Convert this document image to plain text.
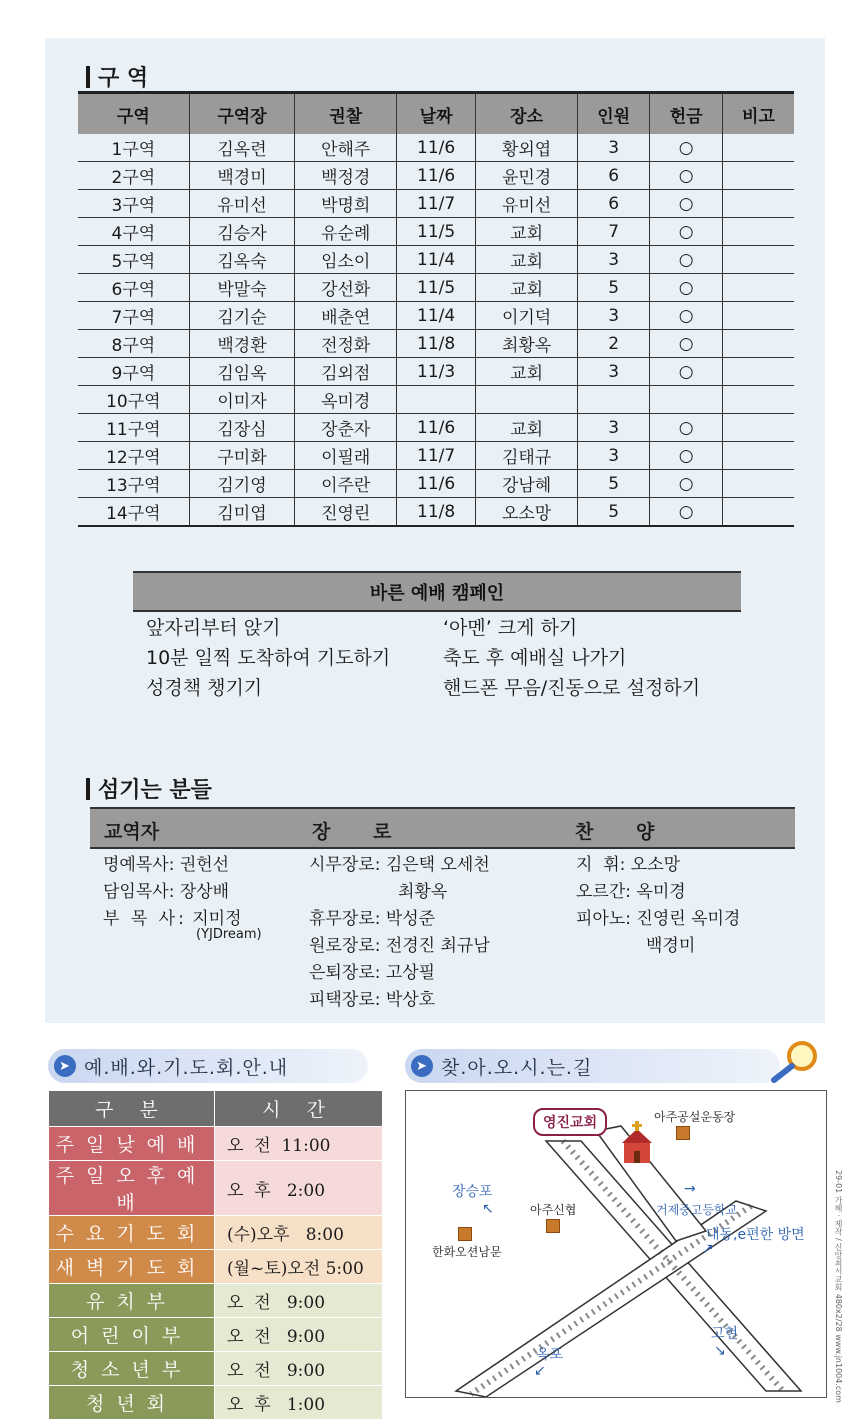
구 역
구역	구역장	권찰	날짜	장소	인원	헌금	비고
1구역	김옥련	안해주	11/6	황외엽	3	○	
2구역	백경미	백정경	11/6	윤민경	6	○	
3구역	유미선	박명희	11/7	유미선	6	○	
4구역	김승자	유순례	11/5	교회	7	○	
5구역	김옥숙	임소이	11/4	교회	3	○	
6구역	박말숙	강선화	11/5	교회	5	○	
7구역	김기순	배춘연	11/4	이기덕	3	○	
8구역	백경환	전정화	11/8	최황옥	2	○	
9구역	김임옥	김외점	11/3	교회	3	○	
10구역	이미자	옥미경					
11구역	김장심	장춘자	11/6	교회	3	○	
12구역	구미화	이필래	11/7	김태규	3	○	
13구역	김기영	이주란	11/6	강남혜	5	○	
14구역	김미엽	진영린	11/8	오소망	5	○	
바른 예배 캠페인
앞자리부터 앉기
10분 일찍 도착하여 기도하기
성경책 챙기기
‘아멘’ 크게 하기
축도 후 예배실 나가기
핸드폰 무음/진동으로 설정하기
섬기는 분들
교역자	장 로	찬 양
명예목사: 권헌선
담임목사: 장상배
부 목 사: 지미정
(YJDream)
시무장로: 김은택 오세천
최황옥
휴무장로: 박성준
원로장로: 전경진 최규남
은퇴장로: 고상필
피택장로: 박상호
지  휘: 오소망
오르간: 옥미경
피아노: 진영린 옥미경
백경미
➤ 예.배.와.기.도.회.안.내
구 분	시 간
주일낮예배	오  전  11:00
주일오후예배	오  후   2:00
수요기도회	(수)오후   8:00
새벽기도회	(월~토)오전 5:00
유치부	오  전   9:00
어린이부	오  전   9:00
청소년부	오  전   9:00
청년회	오  후   1:00
➤ 찾.아.오.시.는.길
영진교회	아주공설운동장
장승포
↖	아주신협
→
거제중고등학교
한화오션남문
대동,e편한 방면
↗
고현
↘
옥포
↙	29-01 가혜 · 제작 / 신앙최서교회 480x2/28 www.jn1004.com
